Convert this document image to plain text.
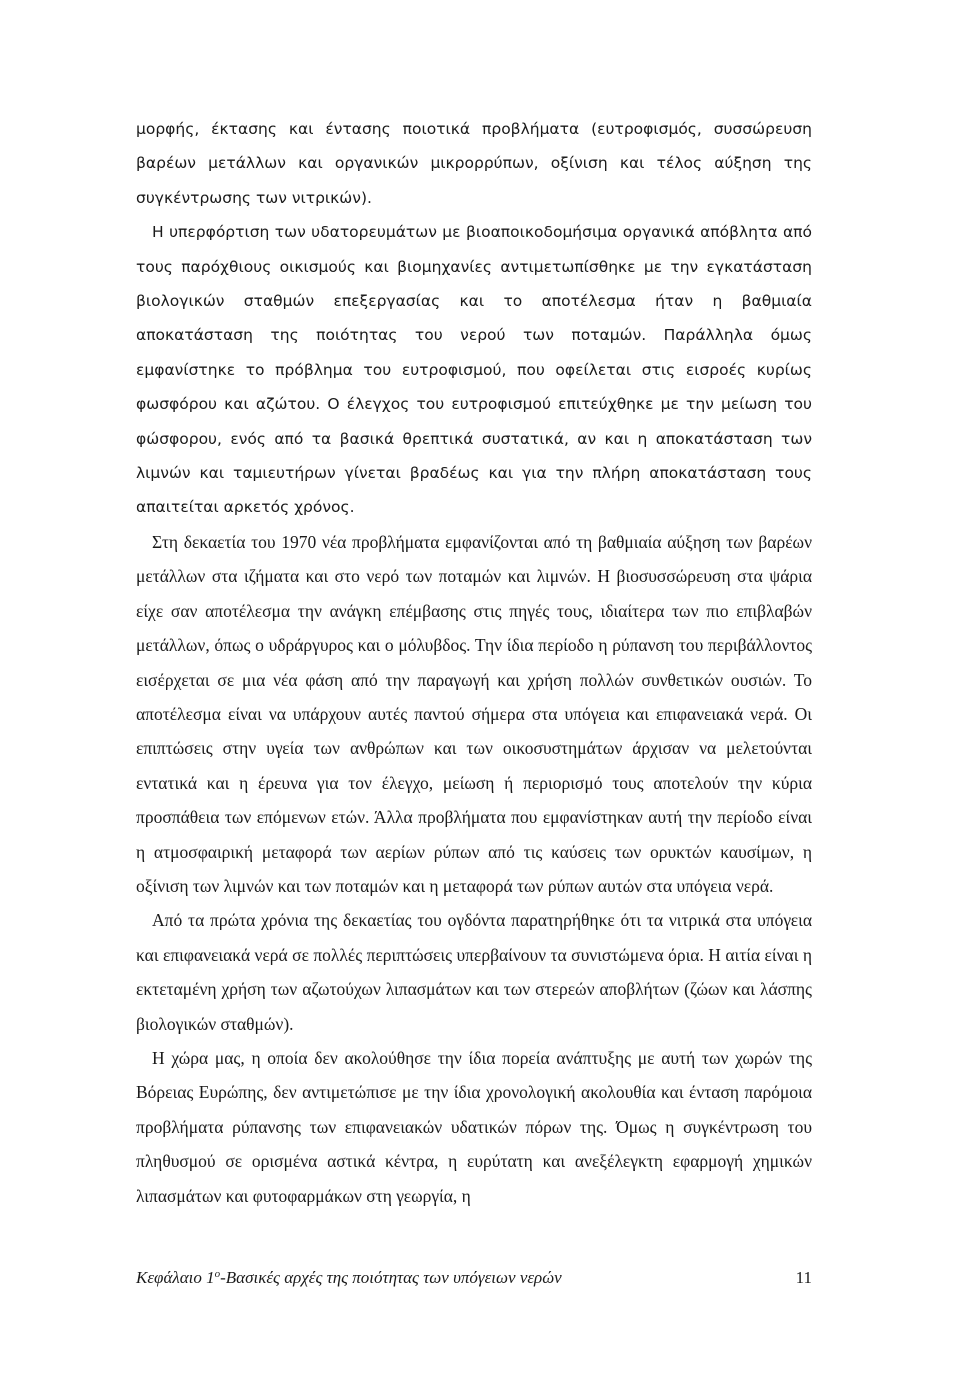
μορφής, έκτασης και έντασης ποιοτικά προβλήματα (ευτροφισμός, συσσώρευση βαρέων μετάλλων και οργανικών μικρορρύπων, οξίνιση και τέλος αύξηση της συγκέντρωσης των νιτρικών).

Η υπερφόρτιση των υδατορευμάτων με βιοαποικοδομήσιμα οργανικά απόβλητα από τους παρόχθιους οικισμούς και βιομηχανίες αντιμετωπίσθηκε με την εγκατάσταση βιολογικών σταθμών επεξεργασίας και το αποτέλεσμα ήταν η βαθμιαία αποκατάσταση της ποιότητας του νερού των ποταμών. Παράλληλα όμως εμφανίστηκε το πρόβλημα του ευτροφισμού, που οφείλεται στις εισροές κυρίως φωσφόρου και αζώτου. Ο έλεγχος του ευτροφισμού επιτεύχθηκε με την μείωση του φώσφορου, ενός από τα βασικά θρεπτικά συστατικά, αν και η αποκατάσταση των λιμνών και ταμιευτήρων γίνεται βραδέως και για την πλήρη αποκατάσταση τους απαιτείται αρκετός χρόνος.

Στη δεκαετία του 1970 νέα προβλήματα εμφανίζονται από τη βαθμιαία αύξηση των βαρέων μετάλλων στα ιζήματα και στο νερό των ποταμών και λιμνών. Η βιοσυσσώρευση στα ψάρια είχε σαν αποτέλεσμα την ανάγκη επέμβασης στις πηγές τους, ιδιαίτερα των πιο επιβλαβών μετάλλων, όπως ο υδράργυρος και ο μόλυβδος. Την ίδια περίοδο η ρύπανση του περιβάλλοντος εισέρχεται σε μια νέα φάση από την παραγωγή και χρήση πολλών συνθετικών ουσιών. Το αποτέλεσμα είναι να υπάρχουν αυτές παντού σήμερα στα υπόγεια και επιφανειακά νερά. Οι επιπτώσεις στην υγεία των ανθρώπων και των οικοσυστημάτων άρχισαν να μελετούνται εντατικά και η έρευνα για τον έλεγχο, μείωση ή περιορισμό τους αποτελούν την κύρια προσπάθεια των επόμενων ετών. Άλλα προβλήματα που εμφανίστηκαν αυτή την περίοδο είναι η ατμοσφαιρική μεταφορά των αερίων ρύπων από τις καύσεις των ορυκτών καυσίμων, η οξίνιση των λιμνών και των ποταμών και η μεταφορά των ρύπων αυτών στα υπόγεια νερά.

Από τα πρώτα χρόνια της δεκαετίας του ογδόντα παρατηρήθηκε ότι τα νιτρικά στα υπόγεια και επιφανειακά νερά σε πολλές περιπτώσεις υπερβαίνουν τα συνιστώμενα όρια. Η αιτία είναι η εκτεταμένη χρήση των αζωτούχων λιπασμάτων και των στερεών αποβλήτων (ζώων και λάσπης βιολογικών σταθμών).

Η χώρα μας, η οποία δεν ακολούθησε την ίδια πορεία ανάπτυξης με αυτή των χωρών της Βόρειας Ευρώπης, δεν αντιμετώπισε με την ίδια χρονολογική ακολουθία και ένταση παρόμοια προβλήματα ρύπανσης των επιφανειακών υδατικών πόρων της. Όμως η συγκέντρωση του πληθυσμού σε ορισμένα αστικά κέντρα, η ευρύτατη και ανεξέλεγκτη εφαρμογή χημικών λιπασμάτων και φυτοφαρμάκων στη γεωργία, η

Κεφάλαιο $1^o$-Βασικές αρχές της ποιότητας των υπόγειων νερών	11
